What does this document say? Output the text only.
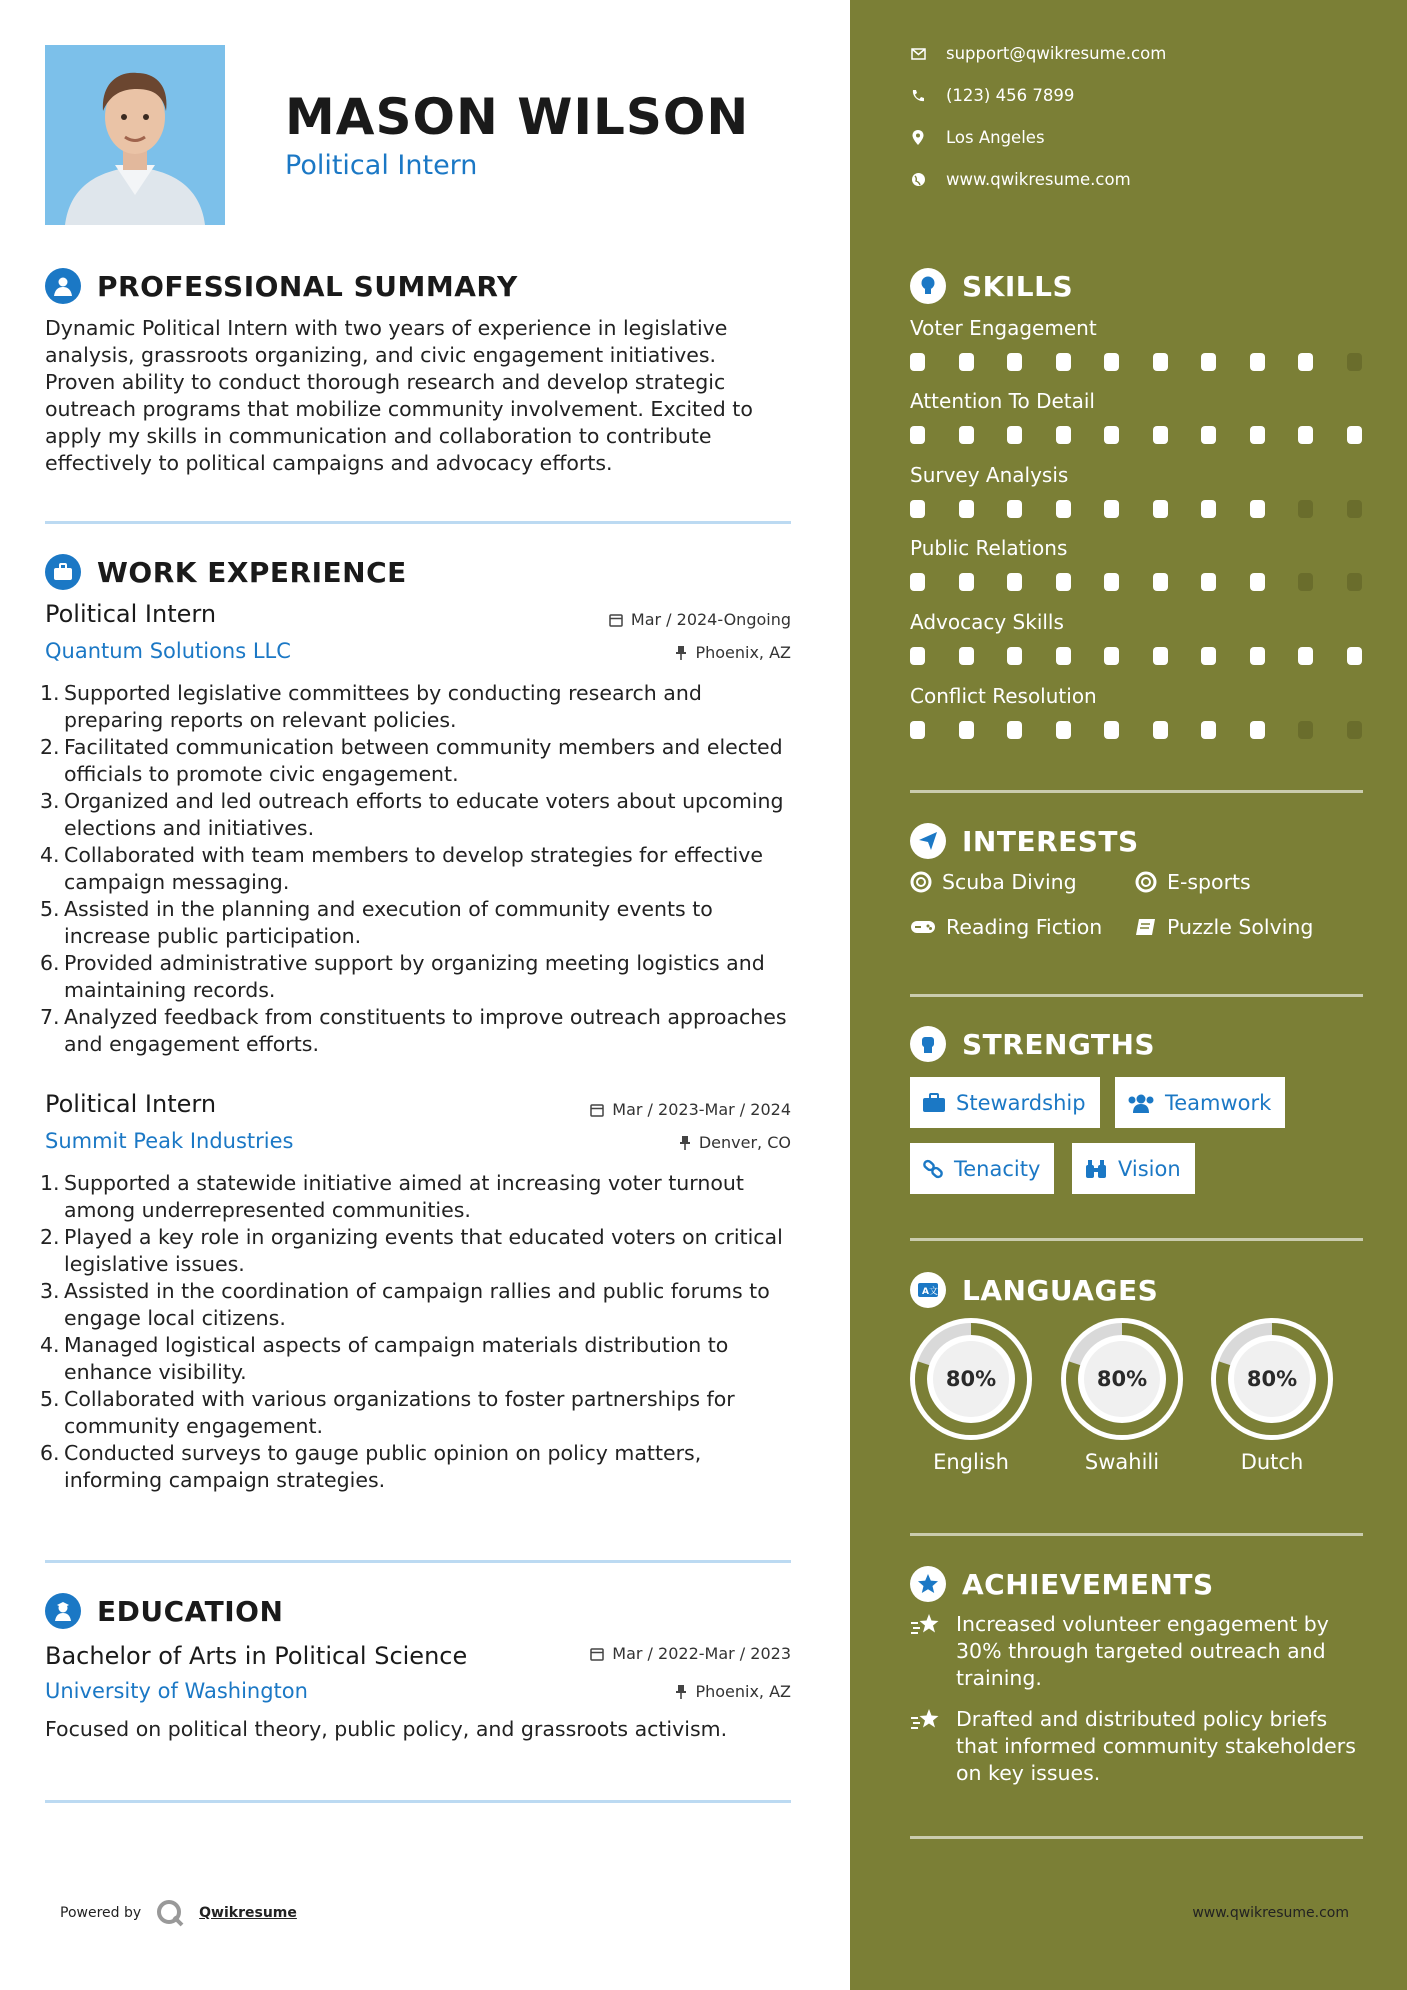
MASON WILSON
Political Intern
PROFESSIONAL SUMMARY
Dynamic Political Intern with two years of experience in legislative analysis, grassroots organizing, and civic engagement initiatives. Proven ability to conduct thorough research and develop strategic outreach programs that mobilize community involvement. Excited to apply my skills in communication and collaboration to contribute effectively to political campaigns and advocacy efforts.
WORK EXPERIENCE
Political Intern	Mar / 2024-Ongoing
Quantum Solutions LLC	Phoenix, AZ
1. Supported legislative committees by conducting research and preparing reports on relevant policies.
2. Facilitated communication between community members and elected officials to promote civic engagement.
3. Organized and led outreach efforts to educate voters about upcoming elections and initiatives.
4. Collaborated with team members to develop strategies for effective campaign messaging.
5. Assisted in the planning and execution of community events to increase public participation.
6. Provided administrative support by organizing meeting logistics and maintaining records.
7. Analyzed feedback from constituents to improve outreach approaches and engagement efforts.
Political Intern	Mar / 2023-Mar / 2024
Summit Peak Industries	Denver, CO
1. Supported a statewide initiative aimed at increasing voter turnout among underrepresented communities.
2. Played a key role in organizing events that educated voters on critical legislative issues.
3. Assisted in the coordination of campaign rallies and public forums to engage local citizens.
4. Managed logistical aspects of campaign materials distribution to enhance visibility.
5. Collaborated with various organizations to foster partnerships for community engagement.
6. Conducted surveys to gauge public opinion on policy matters, informing campaign strategies.
EDUCATION
Bachelor of Arts in Political Science	Mar / 2022-Mar / 2023
University of Washington	Phoenix, AZ
Focused on political theory, public policy, and grassroots activism.
Powered by	Qwikresume
support@qwikresume.com
(123) 456 7899
Los Angeles
www.qwikresume.com
SKILLS
Voter Engagement
Attention To Detail
Survey Analysis
Public Relations
Advocacy Skills
Conflict Resolution
INTERESTS
Scuba Diving	E-sports
Reading Fiction	Puzzle Solving
STRENGTHS
Stewardship	Teamwork
Tenacity	Vision
A 文 LANGUAGES
80%
English
80%
Swahili
80%
Dutch
ACHIEVEMENTS
Increased volunteer engagement by 30% through targeted outreach and training.
Drafted and distributed policy briefs that informed community stakeholders on key issues.
www.qwikresume.com
